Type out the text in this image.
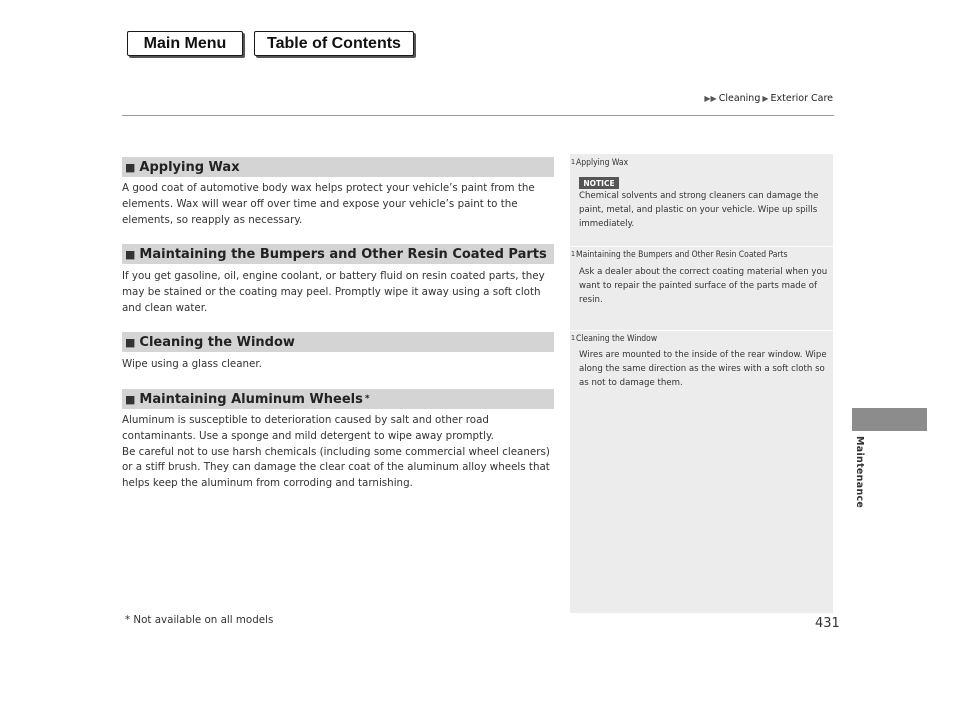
Main Menu	Table of Contents
▶▶ Cleaning ▶ Exterior Care
■ Applying Wax
A good coat of automotive body wax helps protect your vehicle’s paint from the elements. Wax will wear off over time and expose your vehicle’s paint to the elements, so reapply as necessary.
■ Maintaining the Bumpers and Other Resin Coated Parts
If you get gasoline, oil, engine coolant, or battery fluid on resin coated parts, they may be stained or the coating may peel. Promptly wipe it away using a soft cloth and clean water.
■ Cleaning the Window
Wipe using a glass cleaner.
■ Maintaining Aluminum Wheels *
Aluminum is susceptible to deterioration caused by salt and other road contaminants. Use a sponge and mild detergent to wipe away promptly.
Be careful not to use harsh chemicals (including some commercial wheel cleaners) or a stiff brush. They can damage the clear coat of the aluminum alloy wheels that helps keep the aluminum from corroding and tarnishing.
1Applying Wax
NOTICE
Chemical solvents and strong cleaners can damage the paint, metal, and plastic on your vehicle. Wipe up spills immediately.
1Maintaining the Bumpers and Other Resin Coated Parts
Ask a dealer about the correct coating material when you want to repair the painted surface of the parts made of resin.
1Cleaning the Window
Wires are mounted to the inside of the rear window. Wipe along the same direction as the wires with a soft cloth so as not to damage them.
Maintenance
* Not available on all models	431
